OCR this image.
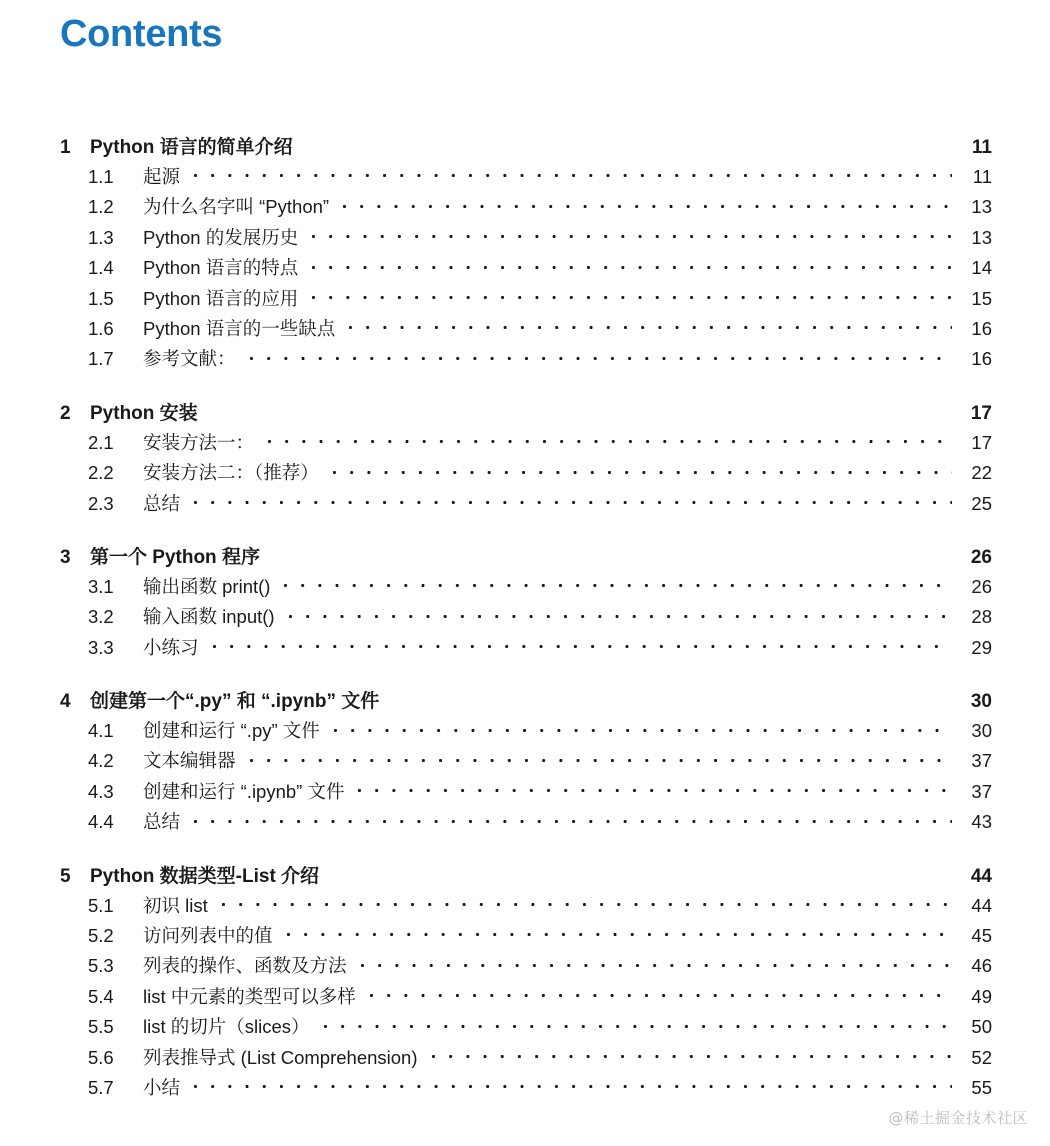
Contents
1	Python 语言的简单介绍	11
1.1	起源	11
1.2	为什么名字叫 “Python”	13
1.3	Python 的发展历史	13
1.4	Python 语言的特点	14
1.5	Python 语言的应用	15
1.6	Python 语言的一些缺点	16
1.7	参考文献：	16
2	Python 安装	17
2.1	安装方法一：	17
2.2	安装方法二：（推荐）	22
2.3	总结	25
3	第一个 Python 程序	26
3.1	输出函数 print()	26
3.2	输入函数 input()	28
3.3	小练习	29
4	创建第一个“.py” 和 “.ipynb” 文件	30
4.1	创建和运行 “.py” 文件	30
4.2	文本编辑器	37
4.3	创建和运行 “.ipynb” 文件	37
4.4	总结	43
5	Python 数据类型-List 介绍	44
5.1	初识 list	44
5.2	访问列表中的值	45
5.3	列表的操作、函数及方法	46
5.4	list 中元素的类型可以多样	49
5.5	list 的切片（slices）	50
5.6	列表推导式 (List Comprehension)	52
5.7	小结	55
@稀土掘金技术社区
